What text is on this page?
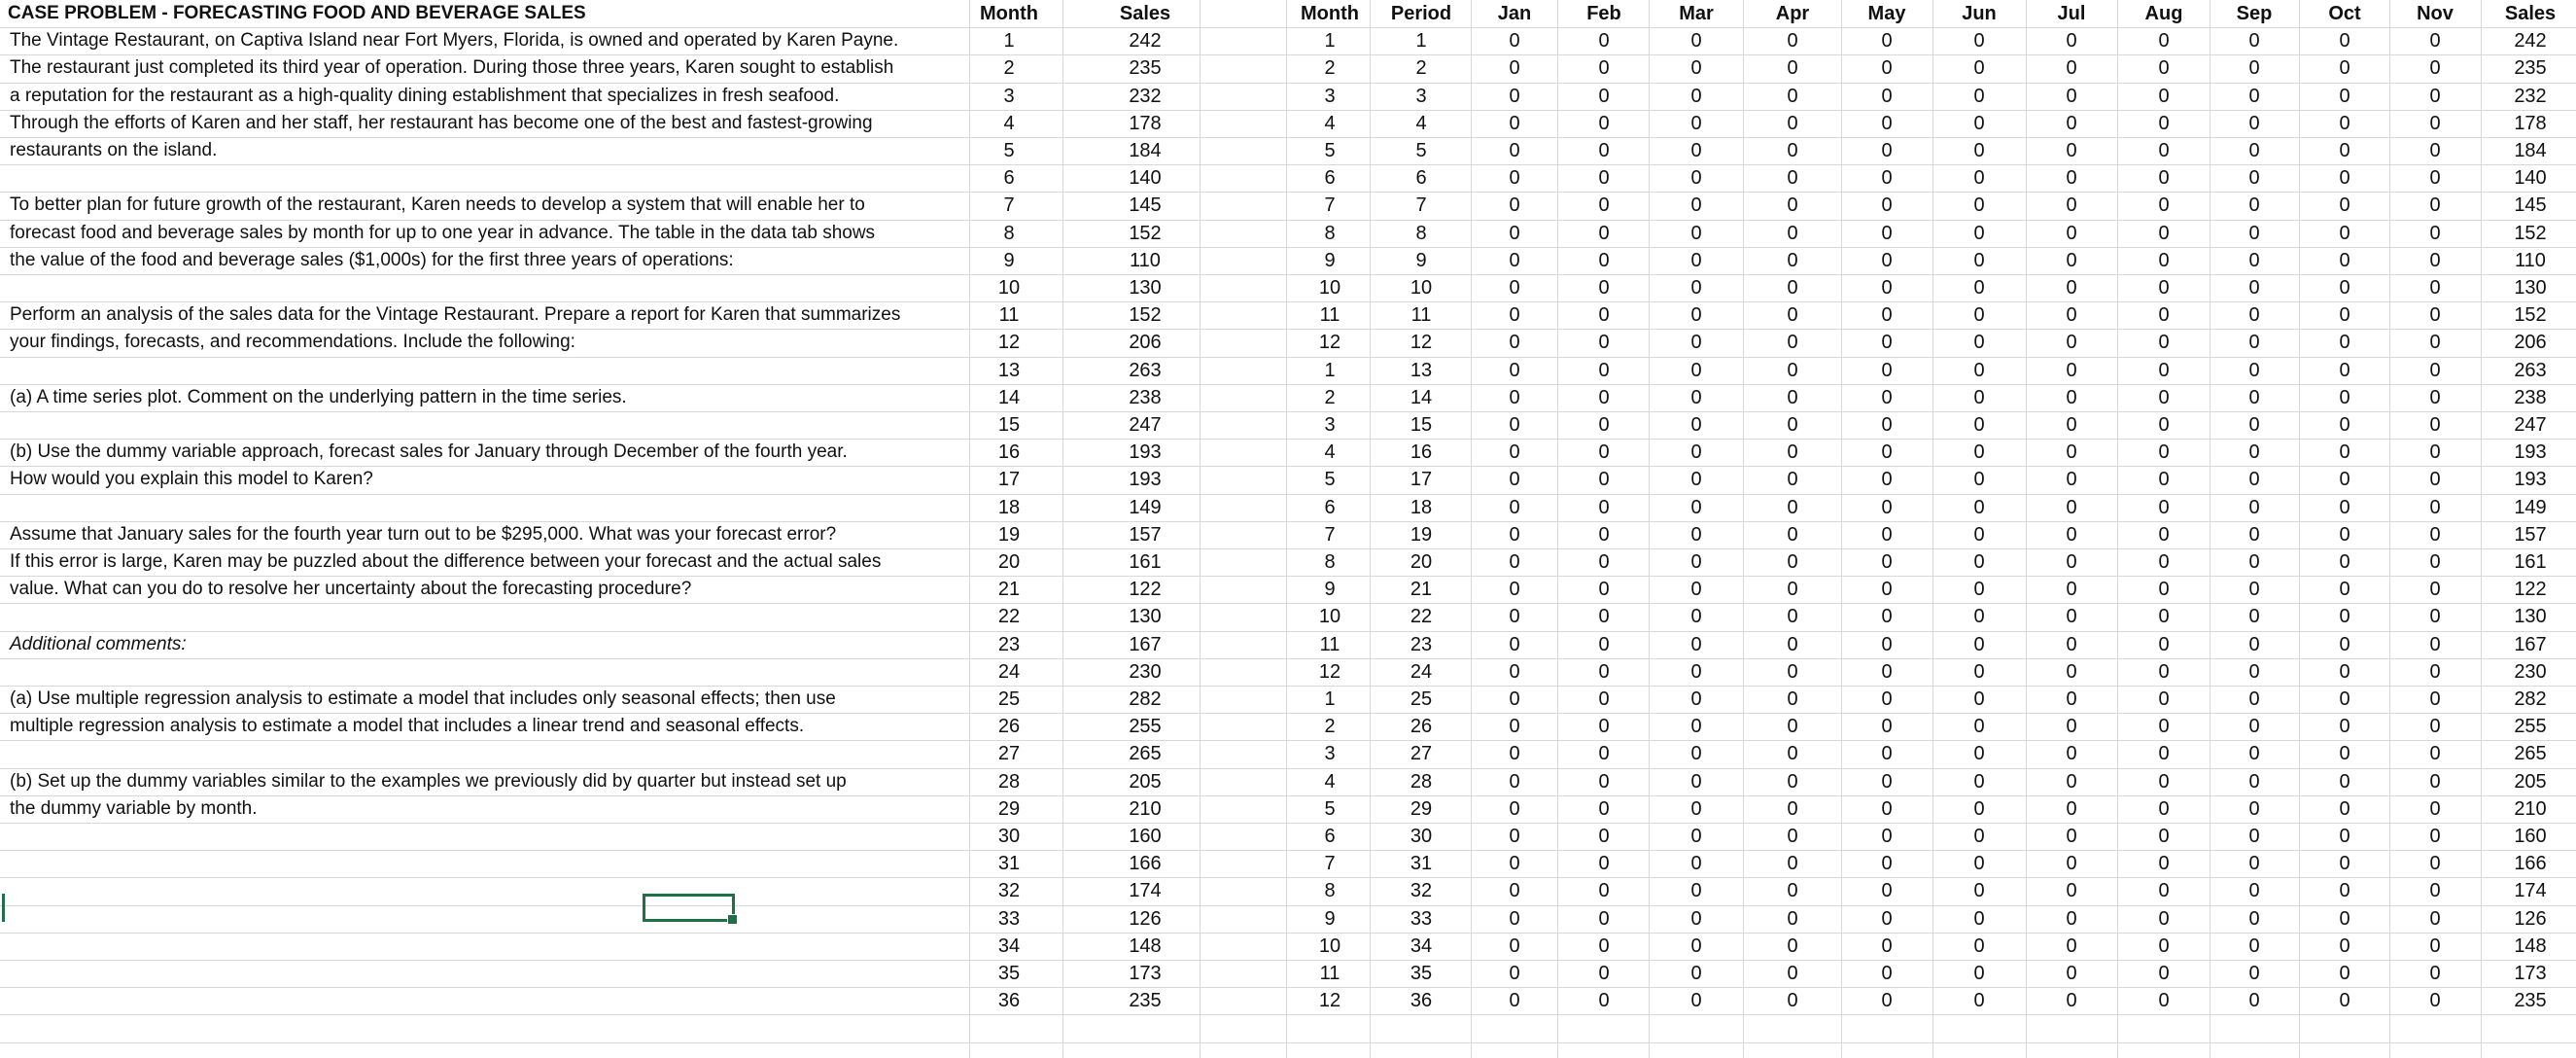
The Vintage Restaurant, on Captiva Island near Fort Myers, Florida, is owned and operated by Karen Payne.
The restaurant just completed its third year of operation. During those three years, Karen sought to establish
a reputation for the restaurant as a high-quality dining establishment that specializes in fresh seafood.
Through the efforts of Karen and her staff, her restaurant has become one of the best and fastest-growing
restaurants on the island.
To better plan for future growth of the restaurant, Karen needs to develop a system that will enable her to
forecast food and beverage sales by month for up to one year in advance. The table in the data tab shows
the value of the food and beverage sales ($1,000s) for the first three years of operations:
Perform an analysis of the sales data for the Vintage Restaurant. Prepare a report for Karen that summarizes
your findings, forecasts, and recommendations. Include the following:
(a) A time series plot. Comment on the underlying pattern in the time series.
(b) Use the dummy variable approach, forecast sales for January through December of the fourth year.
How would you explain this model to Karen?
Assume that January sales for the fourth year turn out to be $295,000. What was your forecast error?
If this error is large, Karen may be puzzled about the difference between your forecast and the actual sales
value. What can you do to resolve her uncertainty about the forecasting procedure?
Additional comments:
(a) Use multiple regression analysis to estimate a model that includes only seasonal effects; then use
multiple regression analysis to estimate a model that includes a linear trend and seasonal effects.
(b) Set up the dummy variables similar to the examples we previously did by quarter but instead set up
the dummy variable by month.
Month	Sales	Month	Period	Jan	Feb	Mar	Apr	May	Jun	Jul	Aug	Sep	Oct	Nov	Sales
1	242	1	1	0	0	0	0	0	0	0	0	0	0	0	242
2	235	2	2	0	0	0	0	0	0	0	0	0	0	0	235
3	232	3	3	0	0	0	0	0	0	0	0	0	0	0	232
4	178	4	4	0	0	0	0	0	0	0	0	0	0	0	178
5	184	5	5	0	0	0	0	0	0	0	0	0	0	0	184
6	140	6	6	0	0	0	0	0	0	0	0	0	0	0	140
7	145	7	7	0	0	0	0	0	0	0	0	0	0	0	145
8	152	8	8	0	0	0	0	0	0	0	0	0	0	0	152
9	110	9	9	0	0	0	0	0	0	0	0	0	0	0	110
10	130	10	10	0	0	0	0	0	0	0	0	0	0	0	130
11	152	11	11	0	0	0	0	0	0	0	0	0	0	0	152
12	206	12	12	0	0	0	0	0	0	0	0	0	0	0	206
13	263	1	13	0	0	0	0	0	0	0	0	0	0	0	263
14	238	2	14	0	0	0	0	0	0	0	0	0	0	0	238
15	247	3	15	0	0	0	0	0	0	0	0	0	0	0	247
16	193	4	16	0	0	0	0	0	0	0	0	0	0	0	193
17	193	5	17	0	0	0	0	0	0	0	0	0	0	0	193
18	149	6	18	0	0	0	0	0	0	0	0	0	0	0	149
19	157	7	19	0	0	0	0	0	0	0	0	0	0	0	157
20	161	8	20	0	0	0	0	0	0	0	0	0	0	0	161
21	122	9	21	0	0	0	0	0	0	0	0	0	0	0	122
22	130	10	22	0	0	0	0	0	0	0	0	0	0	0	130
23	167	11	23	0	0	0	0	0	0	0	0	0	0	0	167
24	230	12	24	0	0	0	0	0	0	0	0	0	0	0	230
25	282	1	25	0	0	0	0	0	0	0	0	0	0	0	282
26	255	2	26	0	0	0	0	0	0	0	0	0	0	0	255
27	265	3	27	0	0	0	0	0	0	0	0	0	0	0	265
28	205	4	28	0	0	0	0	0	0	0	0	0	0	0	205
29	210	5	29	0	0	0	0	0	0	0	0	0	0	0	210
30	160	6	30	0	0	0	0	0	0	0	0	0	0	0	160
31	166	7	31	0	0	0	0	0	0	0	0	0	0	0	166
32	174	8	32	0	0	0	0	0	0	0	0	0	0	0	174
33	126	9	33	0	0	0	0	0	0	0	0	0	0	0	126
34	148	10	34	0	0	0	0	0	0	0	0	0	0	0	148
35	173	11	35	0	0	0	0	0	0	0	0	0	0	0	173
36	235	12	36	0	0	0	0	0	0	0	0	0	0	0	235
CASE PROBLEM - FORECASTING FOOD AND BEVERAGE SALES
